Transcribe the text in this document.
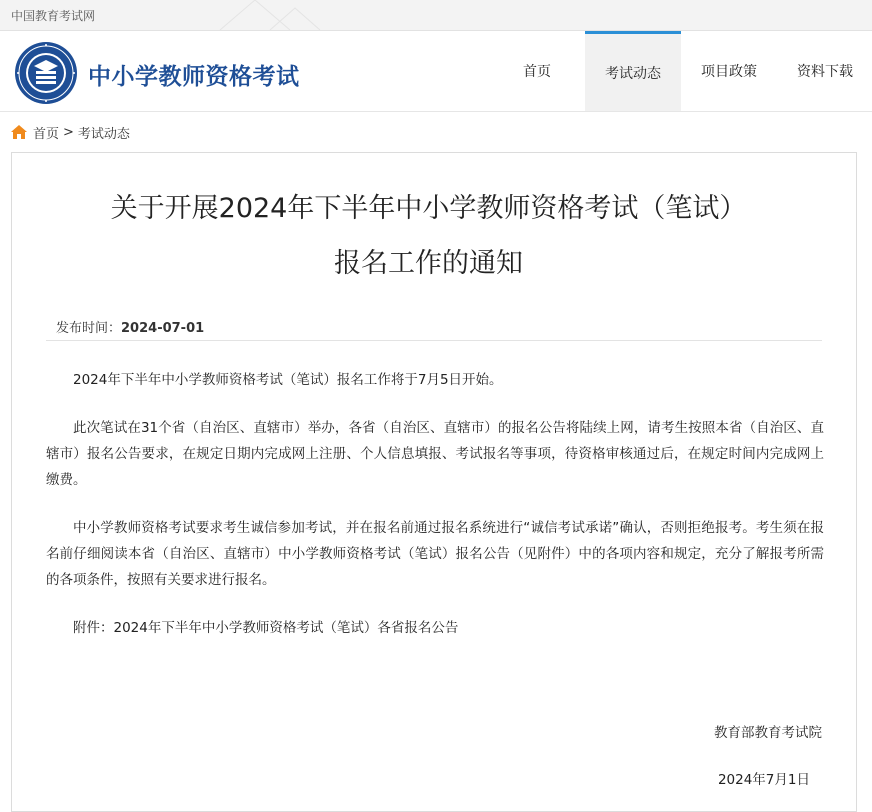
中国教育考试网
中小学教师资格考试	首页	考试动态	项目政策	资料下载
首页 > 考试动态
关于开展2024年下半年中小学教师资格考试（笔试）
报名工作的通知
发布时间：2024-07-01

2024年下半年中小学教师资格考试（笔试）报名工作将于7月5日开始。

此次笔试在31个省（自治区、直辖市）举办，各省（自治区、直辖市）的报名公告将陆续上网，请考生按照本省（自治区、直辖市）报名公告要求，在规定日期内完成网上注册、个人信息填报、考试报名等事项，待资格审核通过后，在规定时间内完成网上缴费。

中小学教师资格考试要求考生诚信参加考试，并在报名前通过报名系统进行“诚信考试承诺”确认，否则拒绝报考。考生须在报名前仔细阅读本省（自治区、直辖市）中小学教师资格考试（笔试）报名公告（见附件）中的各项内容和规定，充分了解报考所需的各项条件，按照有关要求进行报名。

附件：2024年下半年中小学教师资格考试（笔试）各省报名公告

教育部教育考试院
2024年7月1日
